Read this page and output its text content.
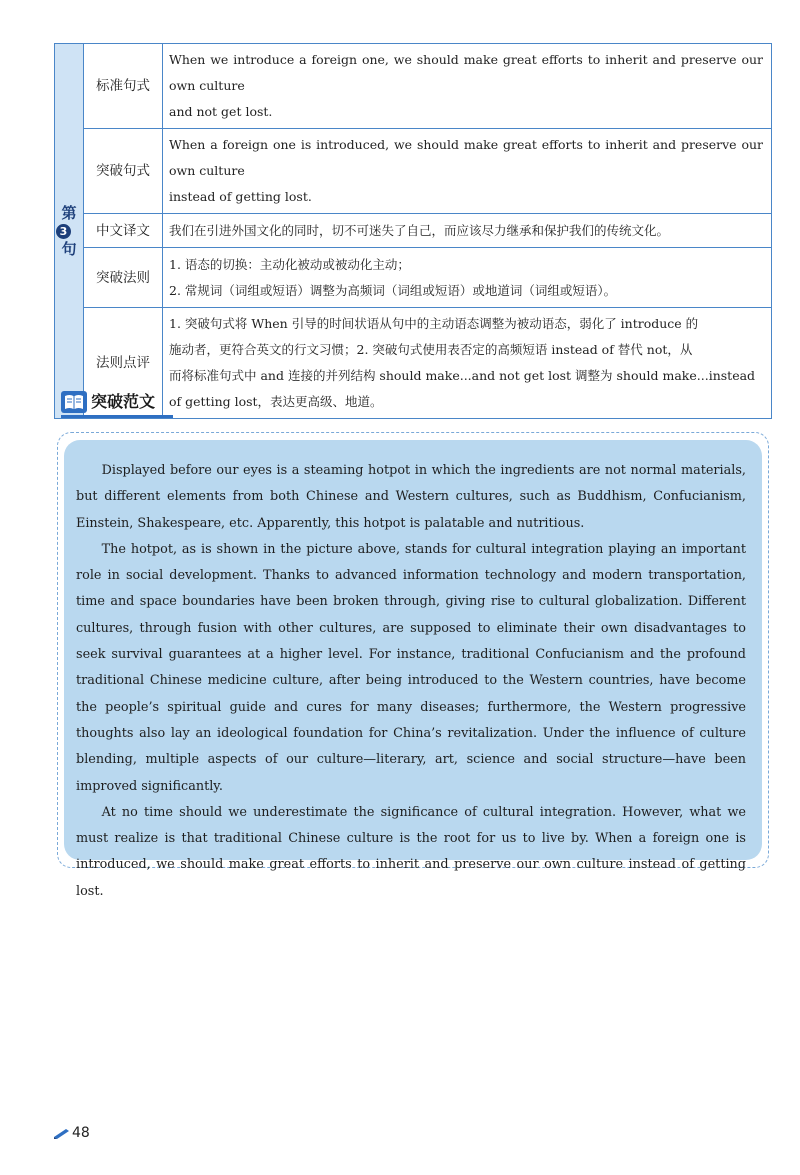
第
3
句	标准句式	When we introduce a foreign one, we should make great efforts to inherit and preserve our own culture
and not get lost.

	突破句式	When a foreign one is introduced, we should make great efforts to inherit and preserve our own culture
instead of getting lost.

	中文译文	我们在引进外国文化的同时，切不可迷失了自己，而应该尽力继承和保护我们的传统文化。

	突破法则	1. 语态的切换：主动化被动或被动化主动；
2. 常规词（词组或短语）调整为高频词（词组或短语）或地道词（词组或短语）。

	法则点评	1. 突破句式将 When 引导的时间状语从句中的主动语态调整为被动语态，弱化了 introduce 的
施动者，更符合英文的行文习惯；2. 突破句式使用表否定的高频短语 instead of 替代 not，从
而将标准句式中 and 连接的并列结构 should make...and not get lost 调整为 should make...instead
of getting lost，表达更高级、地道。
突破范文

Displayed before our eyes is a steaming hotpot in which the ingredients are not normal materials, but different elements from both Chinese and Western cultures, such as Buddhism, Confucianism, Einstein, Shakespeare, etc. Apparently, this hotpot is palatable and nutritious.

The hotpot, as is shown in the picture above, stands for cultural integration playing an important role in social development. Thanks to advanced information technology and modern transportation, time and space boundaries have been broken through, giving rise to cultural globalization. Different cultures, through fusion with other cultures, are supposed to eliminate their own disadvantages to seek survival guarantees at a higher level. For instance, traditional Confucianism and the profound traditional Chinese medicine culture, after being introduced to the Western countries, have become the people’s spiritual guide and cures for many diseases; furthermore, the Western progressive thoughts also lay an ideological foundation for China’s revitalization. Under the influence of culture blending, multiple aspects of our culture—literary, art, science and social structure—have been improved significantly.

At no time should we underestimate the significance of cultural integration. However, what we must realize is that traditional Chinese culture is the root for us to live by. When a foreign one is introduced, we should make great efforts to inherit and preserve our own culture instead of getting lost.

48
